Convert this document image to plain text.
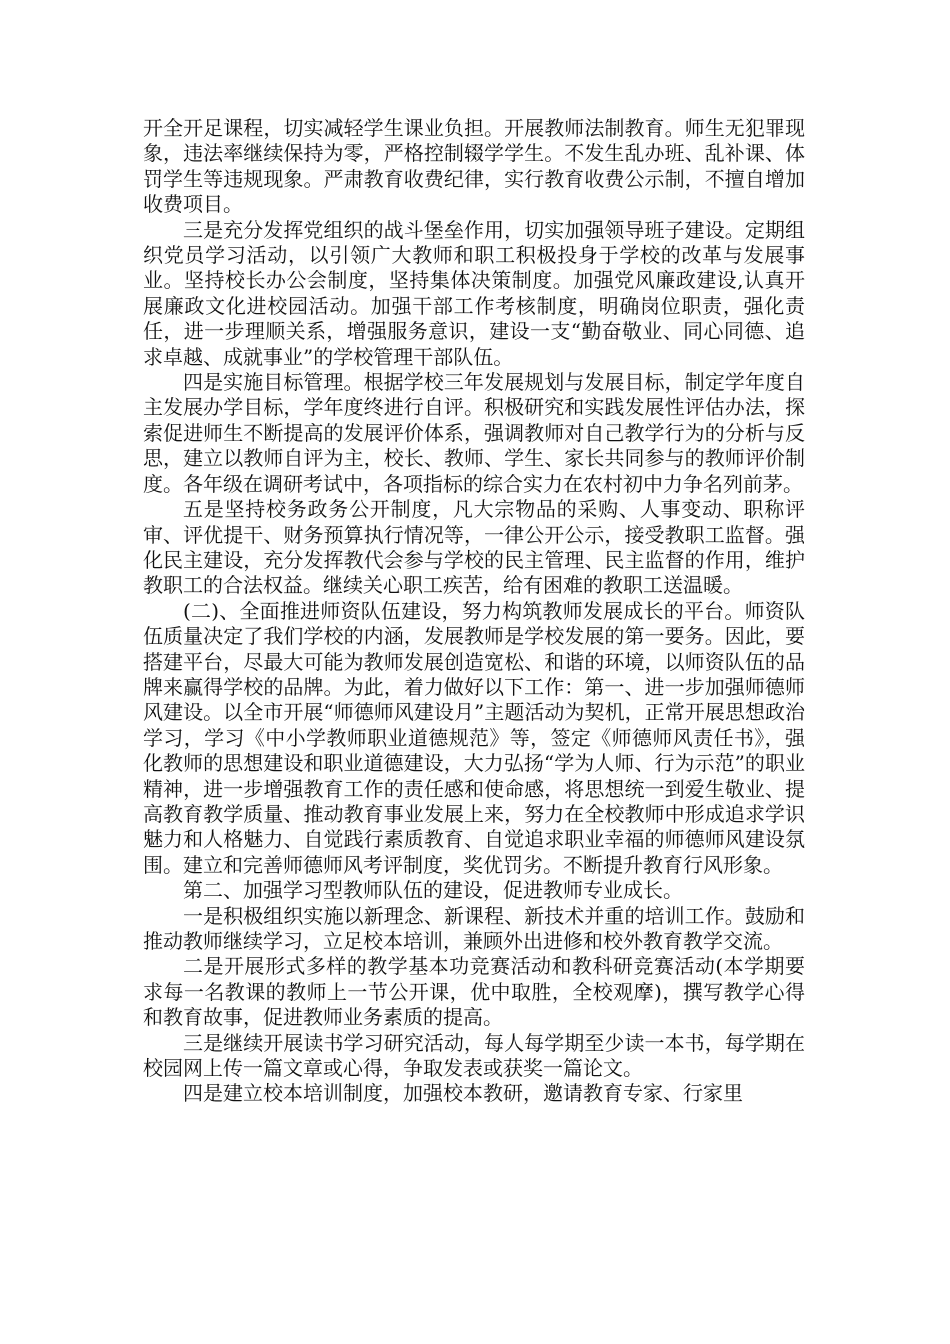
开全开足课程，切实减轻学生课业负担。开展教师法制教育。师生无犯罪现象，违法率继续保持为零，严格控制辍学学生。不发生乱办班、乱补课、体罚学生等违规现象。严肃教育收费纪律，实行教育收费公示制，不擅自增加收费项目。

三是充分发挥党组织的战斗堡垒作用，切实加强领导班子建设。定期组织党员学习活动，以引领广大教师和职工积极投身于学校的改革与发展事业。坚持校长办公会制度，坚持集体决策制度。加强党风廉政建设,认真开展廉政文化进校园活动。加强干部工作考核制度，明确岗位职责，强化责任，进一步理顺关系，增强服务意识，建设一支“勤奋敬业、同心同德、追求卓越、成就事业”的学校管理干部队伍。

四是实施目标管理。根据学校三年发展规划与发展目标，制定学年度自主发展办学目标，学年度终进行自评。积极研究和实践发展性评估办法，探索促进师生不断提高的发展评价体系，强调教师对自己教学行为的分析与反思，建立以教师自评为主，校长、教师、学生、家长共同参与的教师评价制度。各年级在调研考试中，各项指标的综合实力在农村初中力争名列前茅。

五是坚持校务政务公开制度，凡大宗物品的采购、人事变动、职称评审、评优提干、财务预算执行情况等，一律公开公示，接受教职工监督。强化民主建设，充分发挥教代会参与学校的民主管理、民主监督的作用，维护教职工的合法权益。继续关心职工疾苦，给有困难的教职工送温暖。

(二)、全面推进师资队伍建设，努力构筑教师发展成长的平台。师资队伍质量决定了我们学校的内涵，发展教师是学校发展的第一要务。因此，要搭建平台，尽最大可能为教师发展创造宽松、和谐的环境，以师资队伍的品牌来赢得学校的品牌。为此，着力做好以下工作：第一、进一步加强师德师风建设。以全市开展“师德师风建设月”主题活动为契机，正常开展思想政治学习，学习《中小学教师职业道德规范》等，签定《师德师风责任书》，强化教师的思想建设和职业道德建设，大力弘扬“学为人师、行为示范”的职业精神，进一步增强教育工作的责任感和使命感，将思想统一到爱生敬业、提高教育教学质量、推动教育事业发展上来，努力在全校教师中形成追求学识魅力和人格魅力、自觉践行素质教育、自觉追求职业幸福的师德师风建设氛围。建立和完善师德师风考评制度，奖优罚劣。不断提升教育行风形象。

第二、加强学习型教师队伍的建设，促进教师专业成长。

一是积极组织实施以新理念、新课程、新技术并重的培训工作。鼓励和推动教师继续学习，立足校本培训，兼顾外出进修和校外教育教学交流。

二是开展形式多样的教学基本功竞赛活动和教科研竞赛活动(本学期要求每一名教课的教师上一节公开课，优中取胜，全校观摩)，撰写教学心得和教育故事，促进教师业务素质的提高。

三是继续开展读书学习研究活动，每人每学期至少读一本书，每学期在校园网上传一篇文章或心得，争取发表或获奖一篇论文。

四是建立校本培训制度，加强校本教研，邀请教育专家、行家里
